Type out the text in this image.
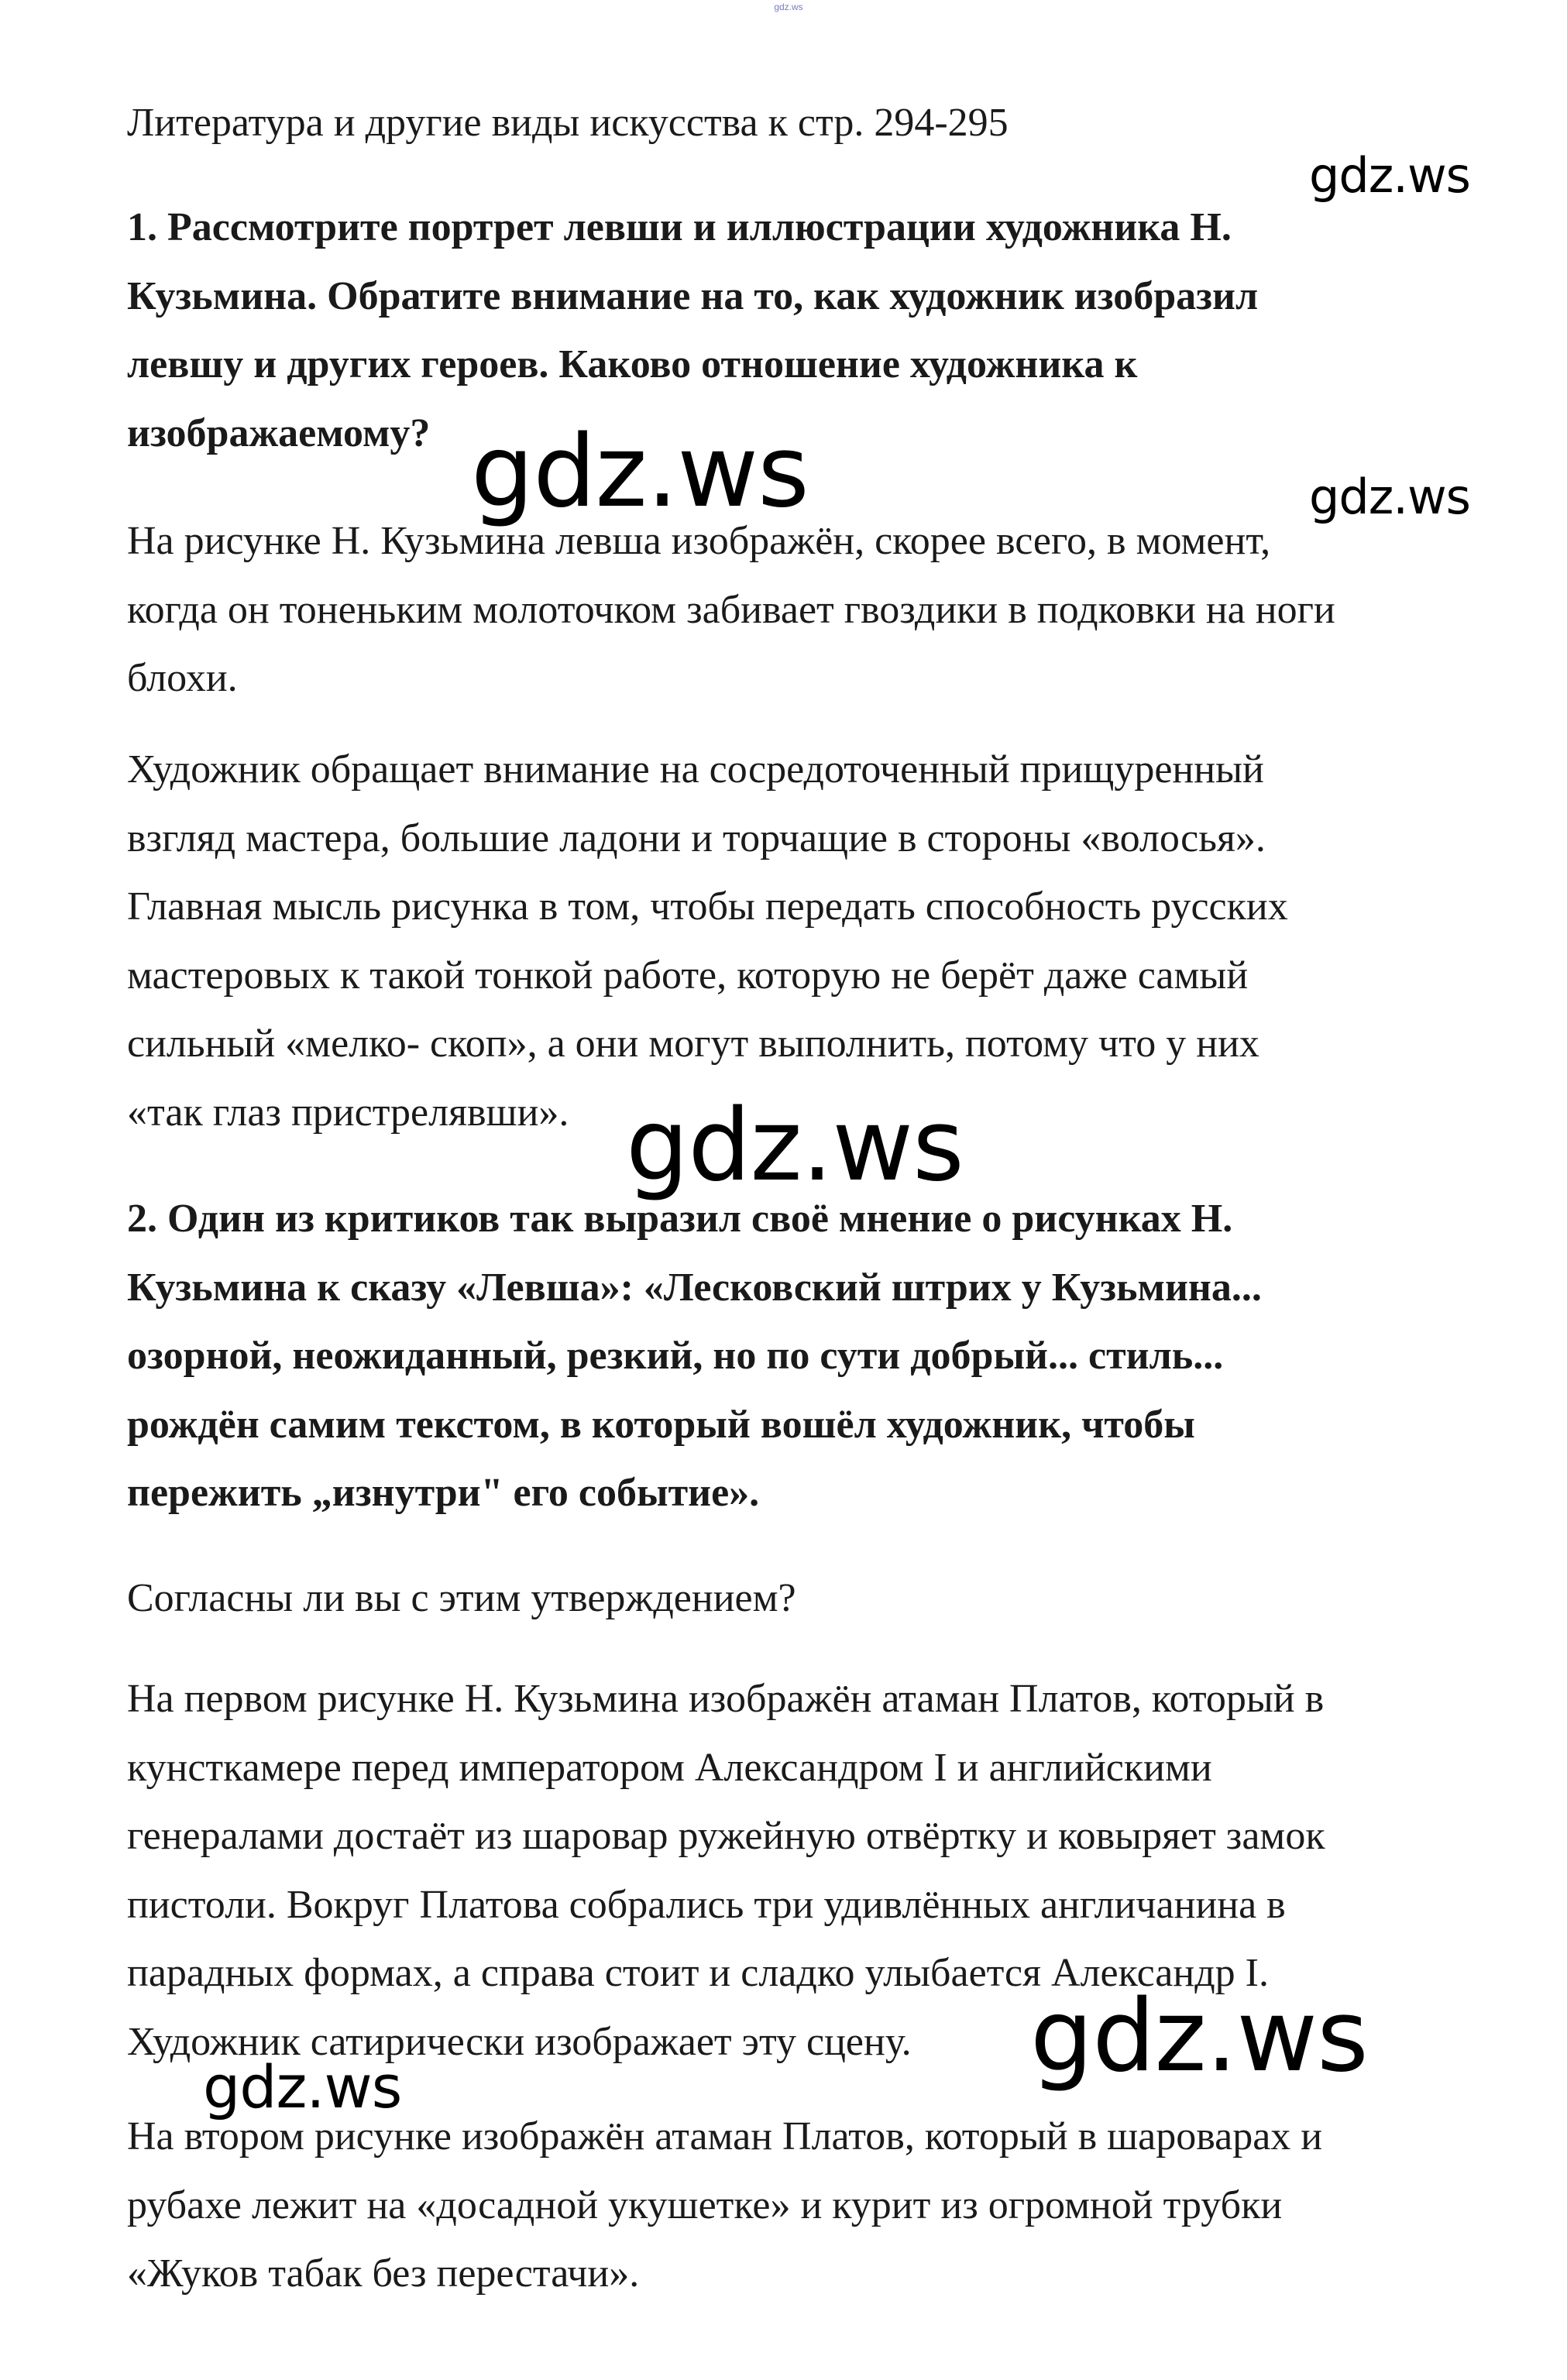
gdz.ws

Литература и другие виды искусства к стр. 294-295

1. Рассмотрите портрет левши и иллюстрации художника Н.
Кузьмина. Обратите внимание на то, как художник изобразил
левшу и других героев. Каково отношение художника к
изображаемому?

На рисунке Н. Кузьмина левша изображён, скорее всего, в момент,
когда он тоненьким молоточком забивает гвоздики в подковки на ноги
блохи.

Художник обращает внимание на сосредоточенный прищуренный
взгляд мастера, большие ладони и торчащие в стороны «волосья».
Главная мысль рисунка в том, чтобы передать способность русских
мастеровых к такой тонкой работе, которую не берёт даже самый
сильный «мелко- скоп», а они могут выполнить, потому что у них
«так глаз пристрелявши».

2. Один из критиков так выразил своё мнение о рисунках Н.
Кузьмина к сказу «Левша»: «Лесковский штрих у Кузьмина...
озорной, неожиданный, резкий, но по сути добрый... стиль...
рождён самим текстом, в который вошёл художник, чтобы
пережить „изнутри" его событие».

Согласны ли вы с этим утверждением?

На первом рисунке Н. Кузьмина изображён атаман Платов, который в
кунсткамере перед императором Александром I и английскими
генералами достаёт из шаровар ружейную отвёртку и ковыряет замок
пистоли. Вокруг Платова собрались три удивлённых англичанина в
парадных формах, а справа стоит и сладко улыбается Александр I.
Художник сатирически изображает эту сцену.

На втором рисунке изображён атаман Платов, который в шароварах и
рубахе лежит на «досадной укушетке» и курит из огромной трубки
«Жуков табак без перестачи».

gdz.ws
gdz.ws	gdz.ws
gdz.ws
gdz.ws
gdz.ws
